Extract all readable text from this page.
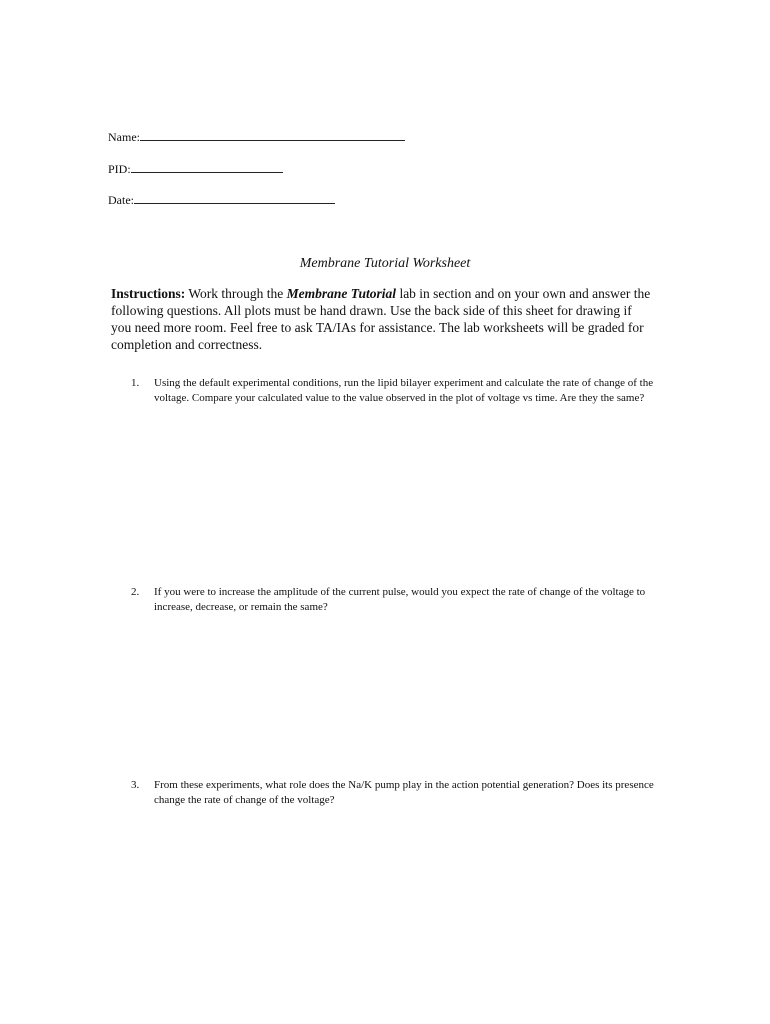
Name:
PID:
Date:
Membrane Tutorial Worksheet
Instructions: Work through the Membrane Tutorial lab in section and on your own and answer the following questions. All plots must be hand drawn. Use the back side of this sheet for drawing if you need more room. Feel free to ask TA/IAs for assistance. The lab worksheets will be graded for completion and correctness.
1.	Using the default experimental conditions, run the lipid bilayer experiment and calculate the rate of change of the voltage. Compare your calculated value to the value observed in the plot of voltage vs time. Are they the same?
2.	If you were to increase the amplitude of the current pulse, would you expect the rate of change of the voltage to increase, decrease, or remain the same?
3.	From these experiments, what role does the Na/K pump play in the action potential generation? Does its presence change the rate of change of the voltage?
